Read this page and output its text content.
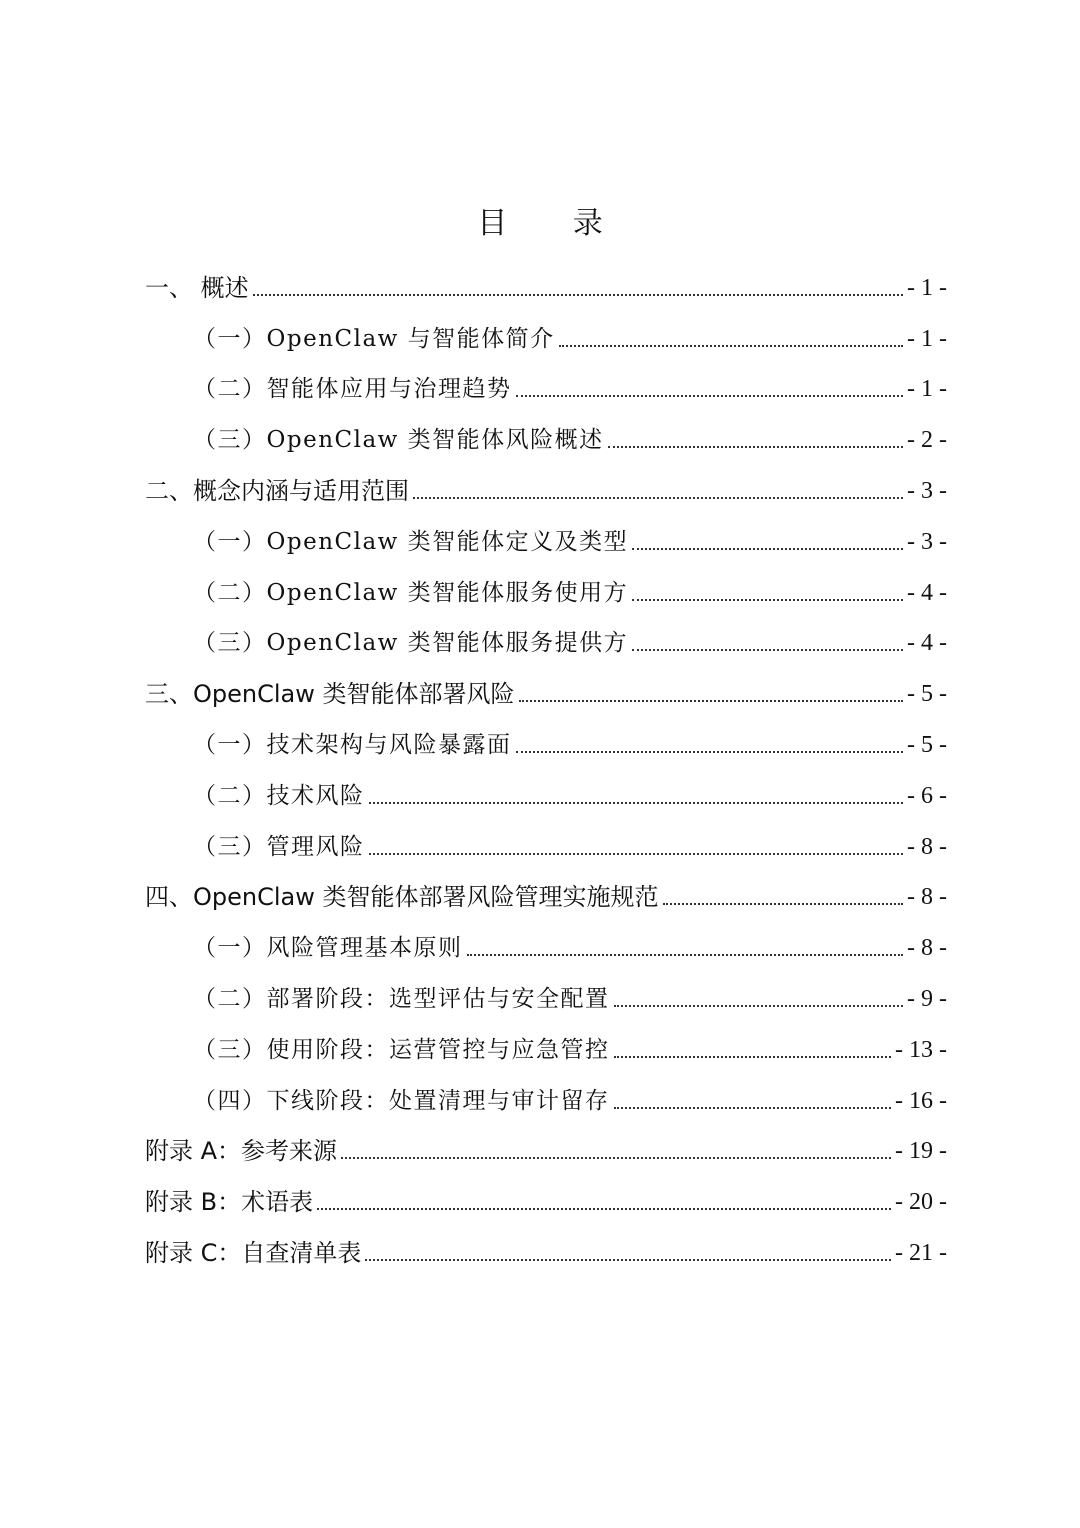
目 录
一、 概述	- 1 -
（一）OpenClaw 与智能体简介	- 1 -
（二）智能体应用与治理趋势	- 1 -
（三）OpenClaw 类智能体风险概述	- 2 -
二、概念内涵与适用范围	- 3 -
（一）OpenClaw 类智能体定义及类型	- 3 -
（二）OpenClaw 类智能体服务使用方	- 4 -
（三）OpenClaw 类智能体服务提供方	- 4 -
三、OpenClaw 类智能体部署风险	- 5 -
（一）技术架构与风险暴露面	- 5 -
（二）技术风险	- 6 -
（三）管理风险	- 8 -
四、OpenClaw 类智能体部署风险管理实施规范	- 8 -
（一）风险管理基本原则	- 8 -
（二）部署阶段：选型评估与安全配置	- 9 -
（三）使用阶段：运营管控与应急管控	- 13 -
（四）下线阶段：处置清理与审计留存	- 16 -
附录 A：参考来源	- 19 -
附录 B：术语表	- 20 -
附录 C：自查清单表	- 21 -
